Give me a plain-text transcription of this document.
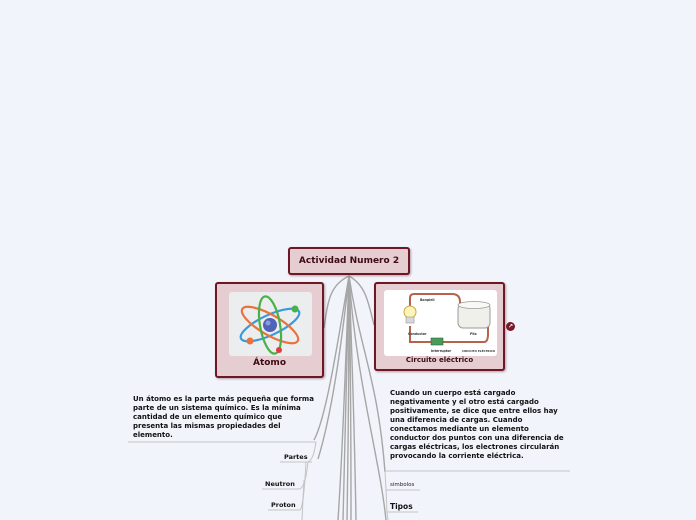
Actividad Numero 2
Átomo
Bonpiell
Pila
Conductor
Interruptor	CIRCUITO ELÉCTRICO
Circuito eléctrico
↗
Un átomo es la parte más pequeña que forma parte de un sistema químico. Es la mínima cantidad de un elemento químico que presenta las mismas propiedades del elemento.
Partes
Neutron
Proton
Cuando un cuerpo está cargado negativamente y el otro está cargado positivamente, se dice que entre ellos hay una diferencia de cargas. Cuando conectamos mediante un elemento conductor dos puntos con una diferencia de cargas eléctricas, los electrones circularán provocando la corriente eléctrica.
simbolos
Tipos
